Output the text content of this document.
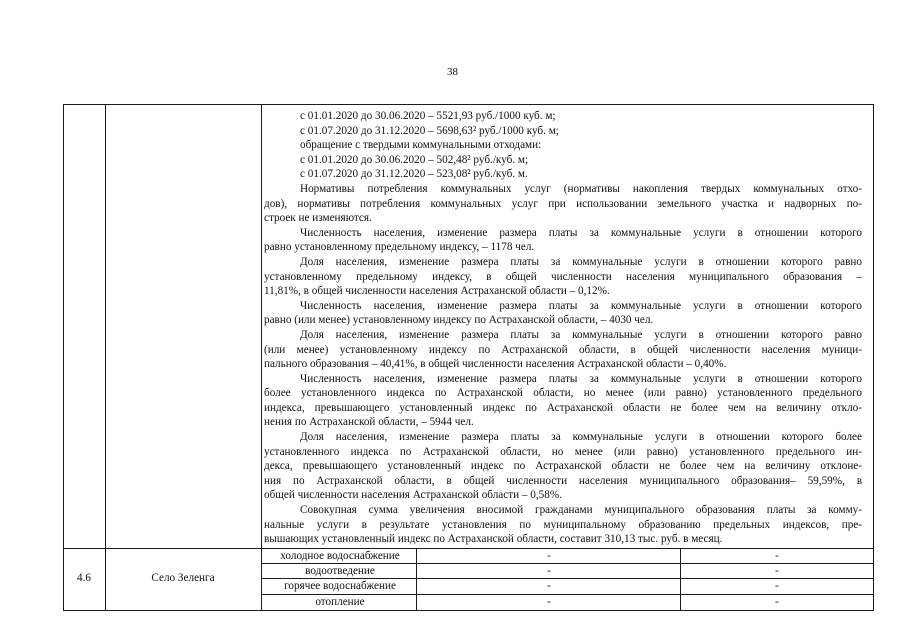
38
с 01.01.2020 до 30.06.2020 – 5521,93 руб./1000 куб. м;
с 01.07.2020 до 31.12.2020 – 5698,63² руб./1000 куб. м;
обращение с твердыми коммунальными отходами:
с 01.01.2020 до 30.06.2020 – 502,48² руб./куб. м;
с 01.07.2020 до 31.12.2020 – 523,08² руб./куб. м.
Нормативы потребления коммунальных услуг (нормативы накопления твердых коммунальных отхо-
дов), нормативы потребления коммунальных услуг при использовании земельного участка и надворных по-
строек не изменяются.
Численность населения, изменение размера платы за коммунальные услуги в отношении которого
равно установленному предельному индексу, – 1178 чел.
Доля населения, изменение размера платы за коммунальные услуги в отношении которого равно
установленному предельному индексу, в общей численности населения муниципального образования –
11,81%, в общей численности населения Астраханской области – 0,12%.
Численность населения, изменение размера платы за коммунальные услуги в отношении которого
равно (или менее) установленному индексу по Астраханской области, – 4030 чел.
Доля населения, изменение размера платы за коммунальные услуги в отношении которого равно
(или менее) установленному индексу по Астраханской области, в общей численности населения муници-
пального образования – 40,41%, в общей численности населения Астраханской области – 0,40%.
Численность населения, изменение размера платы за коммунальные услуги в отношении которого
более установленного индекса по Астраханской области, но менее (или равно) установленного предельного
индекса, превышающего установленный индекс по Астраханской области не более чем на величину откло-
нения по Астраханской области, – 5944 чел.
Доля населения, изменение размера платы за коммунальные услуги в отношении которого более
установленного индекса по Астраханской области, но менее (или равно) установленного предельного ин-
декса, превышающего установленный индекс по Астраханской области не более чем на величину отклоне-
ния по Астраханской области, в общей численности населения муниципального образования– 59,59%, в
общей численности населения Астраханской области – 0,58%.
Совокупная сумма увеличения вносимой гражданами муниципального образования платы за комму-
нальные услуги в результате установления по муниципальному образованию предельных индексов, пре-
вышающих установленный индекс по Астраханской области, составит 310,13 тыс. руб. в месяц.
4.6	Село Зеленга
холодное водоснабжение	-	-
водоотведение	-	-
горячее водоснабжение	-	-
отопление	-	-
